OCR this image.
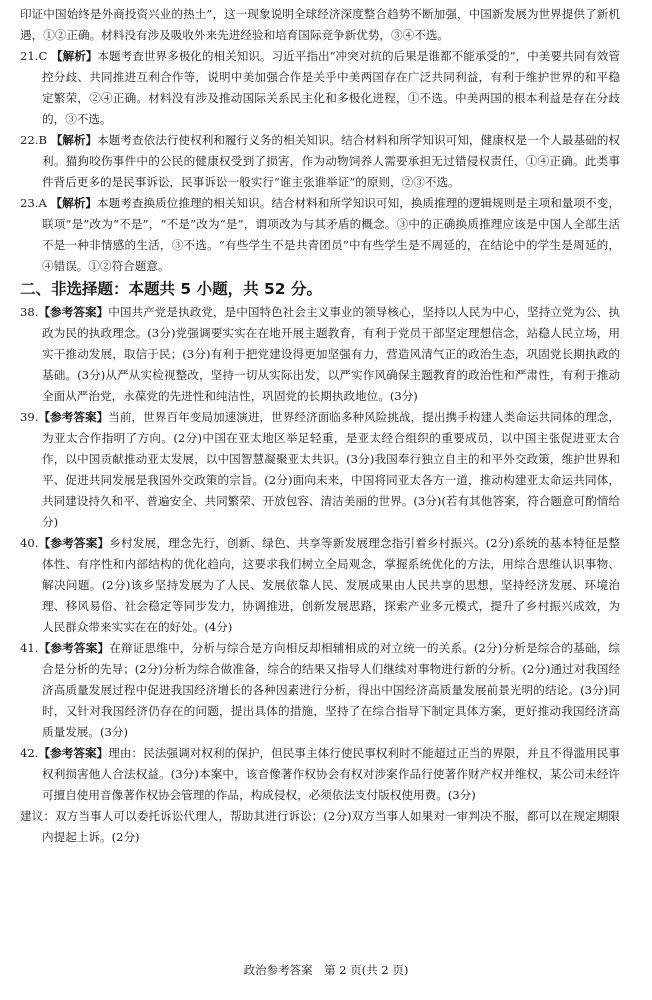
印证中国始终是外商投资兴业的热土”，这一现象说明全球经济深度整合趋势不断加强，中国新发展为世界提供了新机遇，①②正确。材料没有涉及吸收外来先进经验和培育国际竞争新优势，③④不选。

21.C 【解析】本题考查世界多极化的相关知识。习近平指出“冲突对抗的后果是谁都不能承受的”，中美要共同有效管控分歧、共同推进互利合作等，说明中美加强合作是关乎中美两国存在广泛共同利益，有利于维护世界的和平稳定繁荣，②④正确。材料没有涉及推动国际关系民主化和多极化进程，①不选。中美两国的根本利益是存在分歧的，③不选。

22.B 【解析】本题考查依法行使权利和履行义务的相关知识。结合材料和所学知识可知，健康权是一个人最基础的权利。猫狗咬伤事件中的公民的健康权受到了损害，作为动物饲养人需要承担无过错侵权责任，①④正确。此类事件背后更多的是民事诉讼，民事诉讼一般实行“谁主张谁举证”的原则，②③不选。

23.A 【解析】本题考查换质位推理的相关知识。结合材料和所学知识可知，换质推理的逻辑规则是主项和量项不变，联项“是”改为“不是”，“不是”改为“是”，谓项改为与其矛盾的概念。③中的正确换质推理应该是中国人全部生活不是一种非情感的生活，③不选。“有些学生不是共青团员”中有些学生是不周延的，在结论中的学生是周延的，④错误。①②符合题意。

二、非选择题：本题共 5 小题，共 52 分。

38.【参考答案】中国共产党是执政党，是中国特色社会主义事业的领导核心，坚持以人民为中心，坚持立党为公、执政为民的执政理念。(3分)党强调要实实在在地开展主题教育，有利于党员干部坚定理想信念，站稳人民立场，用实干推动发展，取信于民；(3分)有利于把党建设得更加坚强有力，营造风清气正的政治生态，巩固党长期执政的基础。(3分)从严从实检视整改，坚持一切从实际出发，以严实作风确保主题教育的政治性和严肃性，有利于推动全面从严治党，永葆党的先进性和纯洁性，巩固党的长期执政地位。(3分)

39.【参考答案】当前，世界百年变局加速演进，世界经济面临多种风险挑战，提出携手构建人类命运共同体的理念，为亚太合作指明了方向。(2分)中国在亚太地区举足轻重，是亚太经合组织的重要成员，以中国主张促进亚太合作，以中国贡献推动亚太发展，以中国智慧凝聚亚太共识。(3分)我国奉行独立自主的和平外交政策，维护世界和平、促进共同发展是我国外交政策的宗旨。(2分)面向未来，中国将同亚太各方一道，推动构建亚太命运共同体，共同建设持久和平、普遍安全、共同繁荣、开放包容、清洁美丽的世界。(3分)(若有其他答案，符合题意可酌情给分)

40.【参考答案】乡村发展，理念先行，创新、绿色、共享等新发展理念指引着乡村振兴。(2分)系统的基本特征是整体性、有序性和内部结构的优化趋向，这要求我们树立全局观念，掌握系统优化的方法，用综合思维认识事物、解决问题。(2分)该乡坚持发展为了人民、发展依靠人民、发展成果由人民共享的思想，坚持经济发展、环境治理、移风易俗、社会稳定等同步发力，协调推进，创新发展思路，探索产业多元模式，提升了乡村振兴成效，为人民群众带来实实在在的好处。(4分)

41.【参考答案】在辩证思维中，分析与综合是方向相反却相辅相成的对立统一的关系。(2分)分析是综合的基础，综合是分析的先导；(2分)分析为综合做准备，综合的结果又指导人们继续对事物进行新的分析。(2分)通过对我国经济高质量发展过程中促进我国经济增长的各种因素进行分析，得出中国经济高质量发展前景光明的结论。(3分)同时，又针对我国经济仍存在的问题，提出具体的措施，坚持了在综合指导下制定具体方案，更好推动我国经济高质量发展。(3分)

42.【参考答案】理由：民法强调对权利的保护，但民事主体行使民事权利时不能超过正当的界限，并且不得滥用民事权利损害他人合法权益。(3分)本案中，该音像著作权协会有权对涉案作品行使著作财产权并维权，某公司未经许可擅自使用音像著作权协会管理的作品，构成侵权，必须依法支付版权使用费。(3分)

建议：双方当事人可以委托诉讼代理人，帮助其进行诉讼；(2分)双方当事人如果对一审判决不服，都可以在规定期限内提起上诉。(2分)

政治参考答案　第 2 页(共 2 页)
